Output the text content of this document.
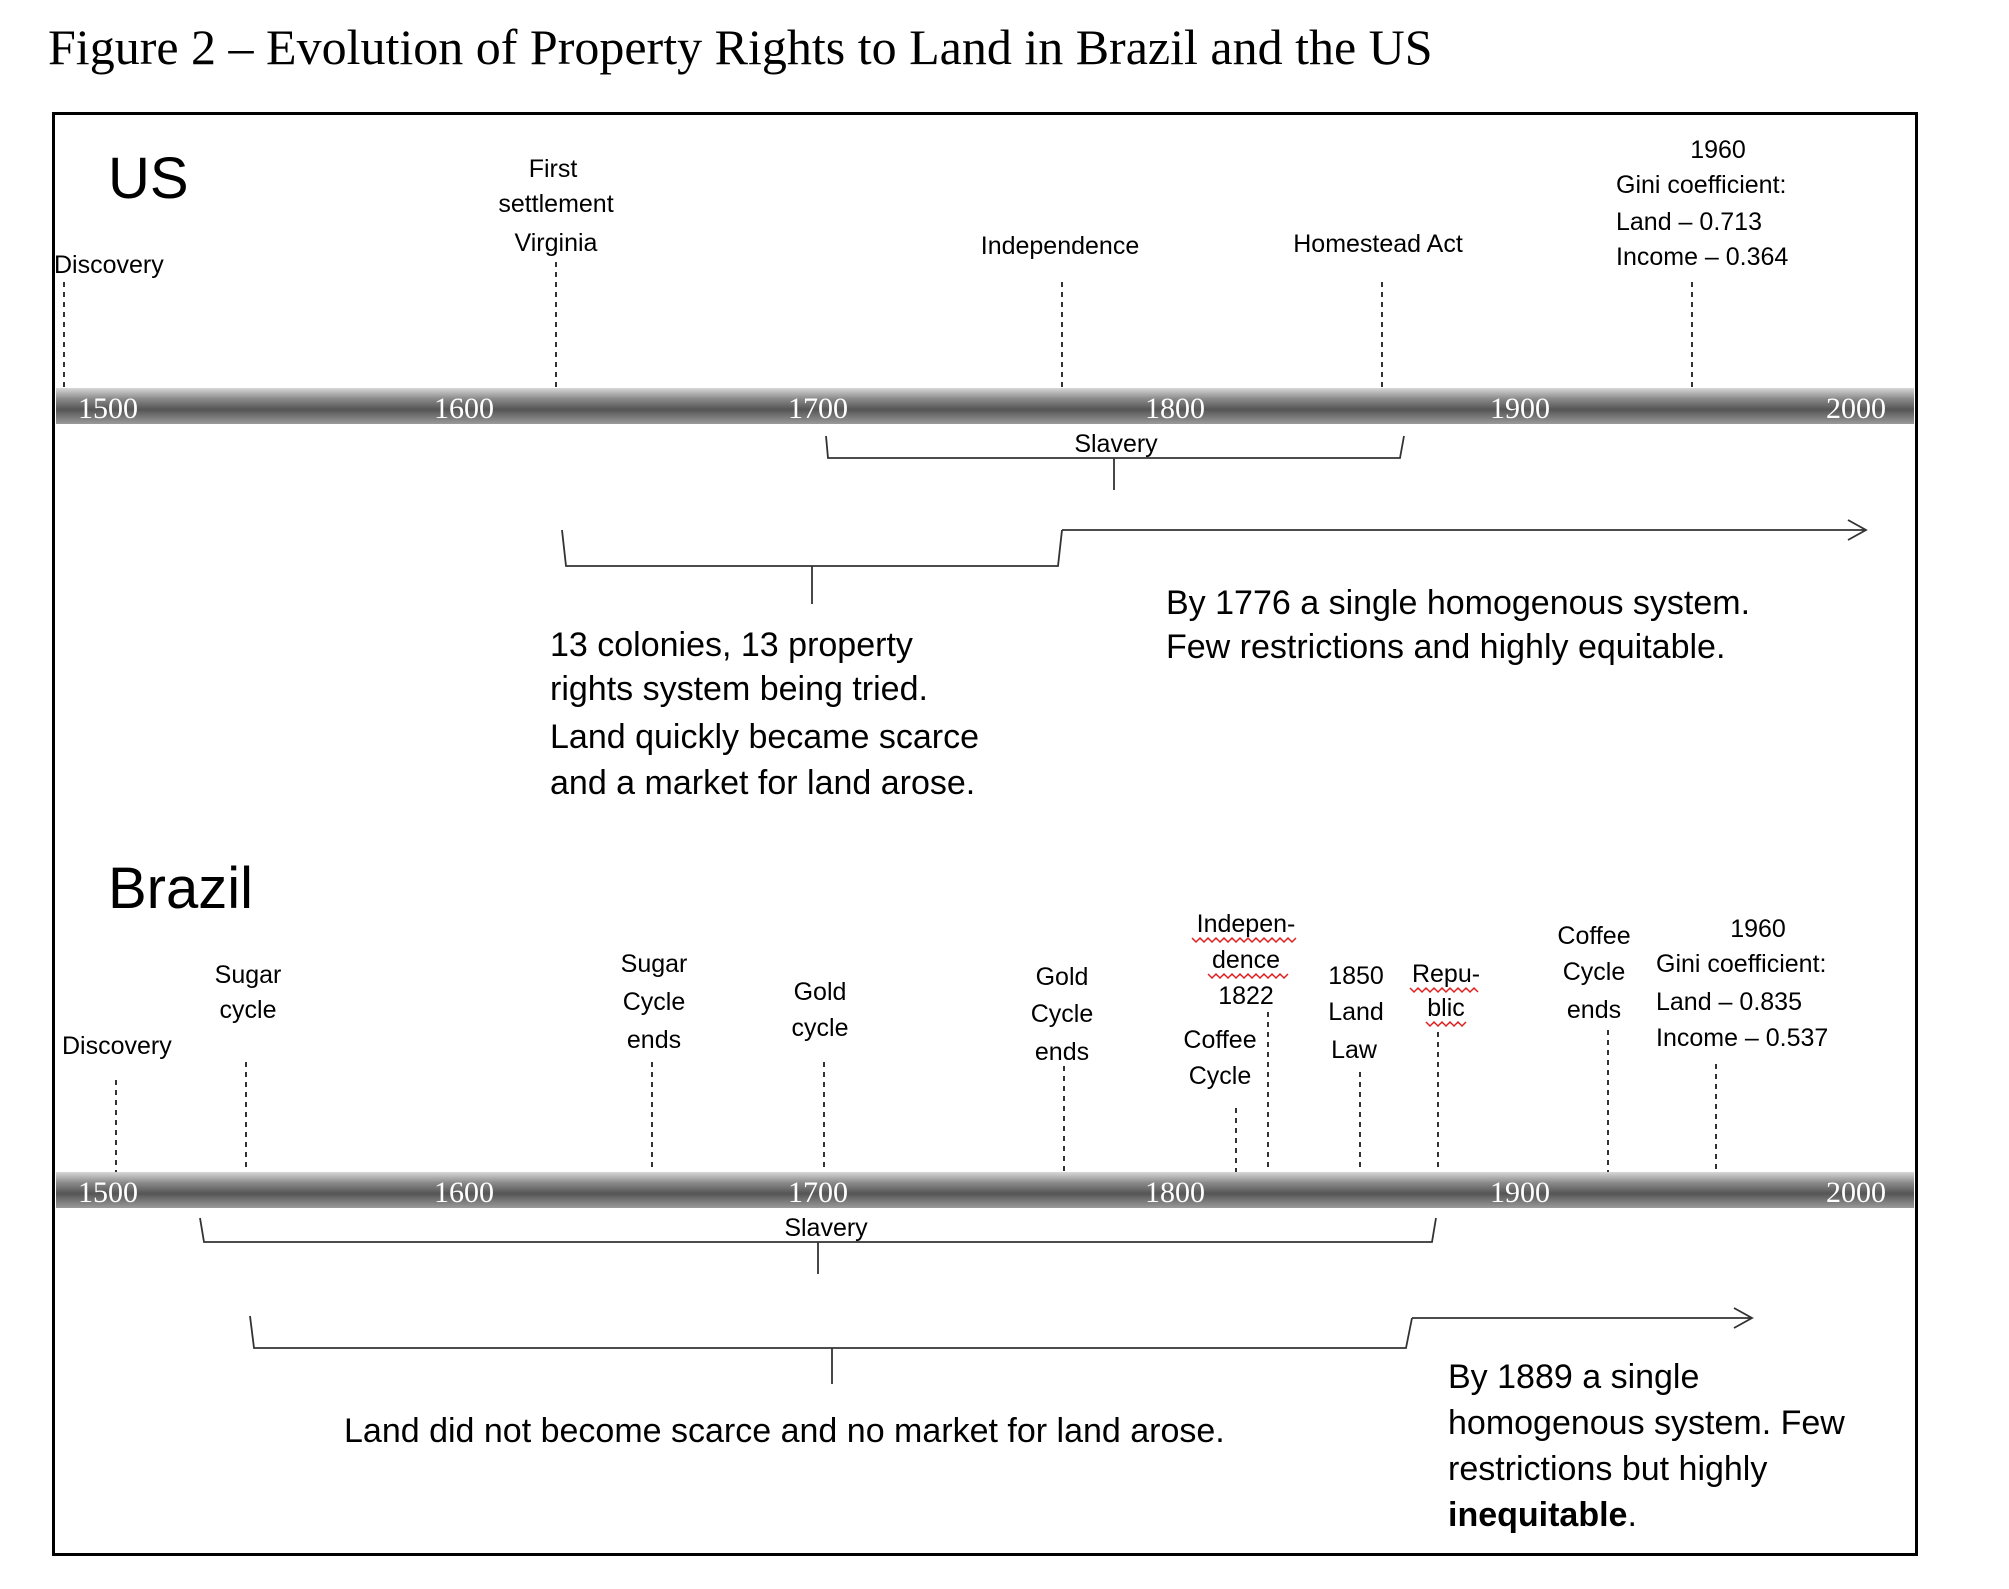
Figure 2 – Evolution of Property Rights to Land in Brazil and the US
US
1500	1600	1700	1800	1900	2000
Discovery
First
settlement
Virginia	Independence	Homestead Act
1960
Gini coefficient:
Land – 0.713
Income – 0.364
Slavery
13 colonies, 13 property
rights system being tried.
Land quickly became scarce
and a market for land arose.
By 1776 a single homogenous system.
Few restrictions and highly equitable.
Brazil
1500	1600	1700	1800	1900	2000
Discovery
Sugar
cycle
Sugar
Cycle
ends
Gold
cycle
Gold
Cycle
ends
Indepen-
dence
1822
Coffee
Cycle
1850
Land
Law
Repu-
blic
Coffee
Cycle
ends
1960
Gini coefficient:
Land – 0.835
Income – 0.537
Slavery
Land did not become scarce and no market for land arose.
By 1889 a single
homogenous system. Few
restrictions but highly
inequitable.
